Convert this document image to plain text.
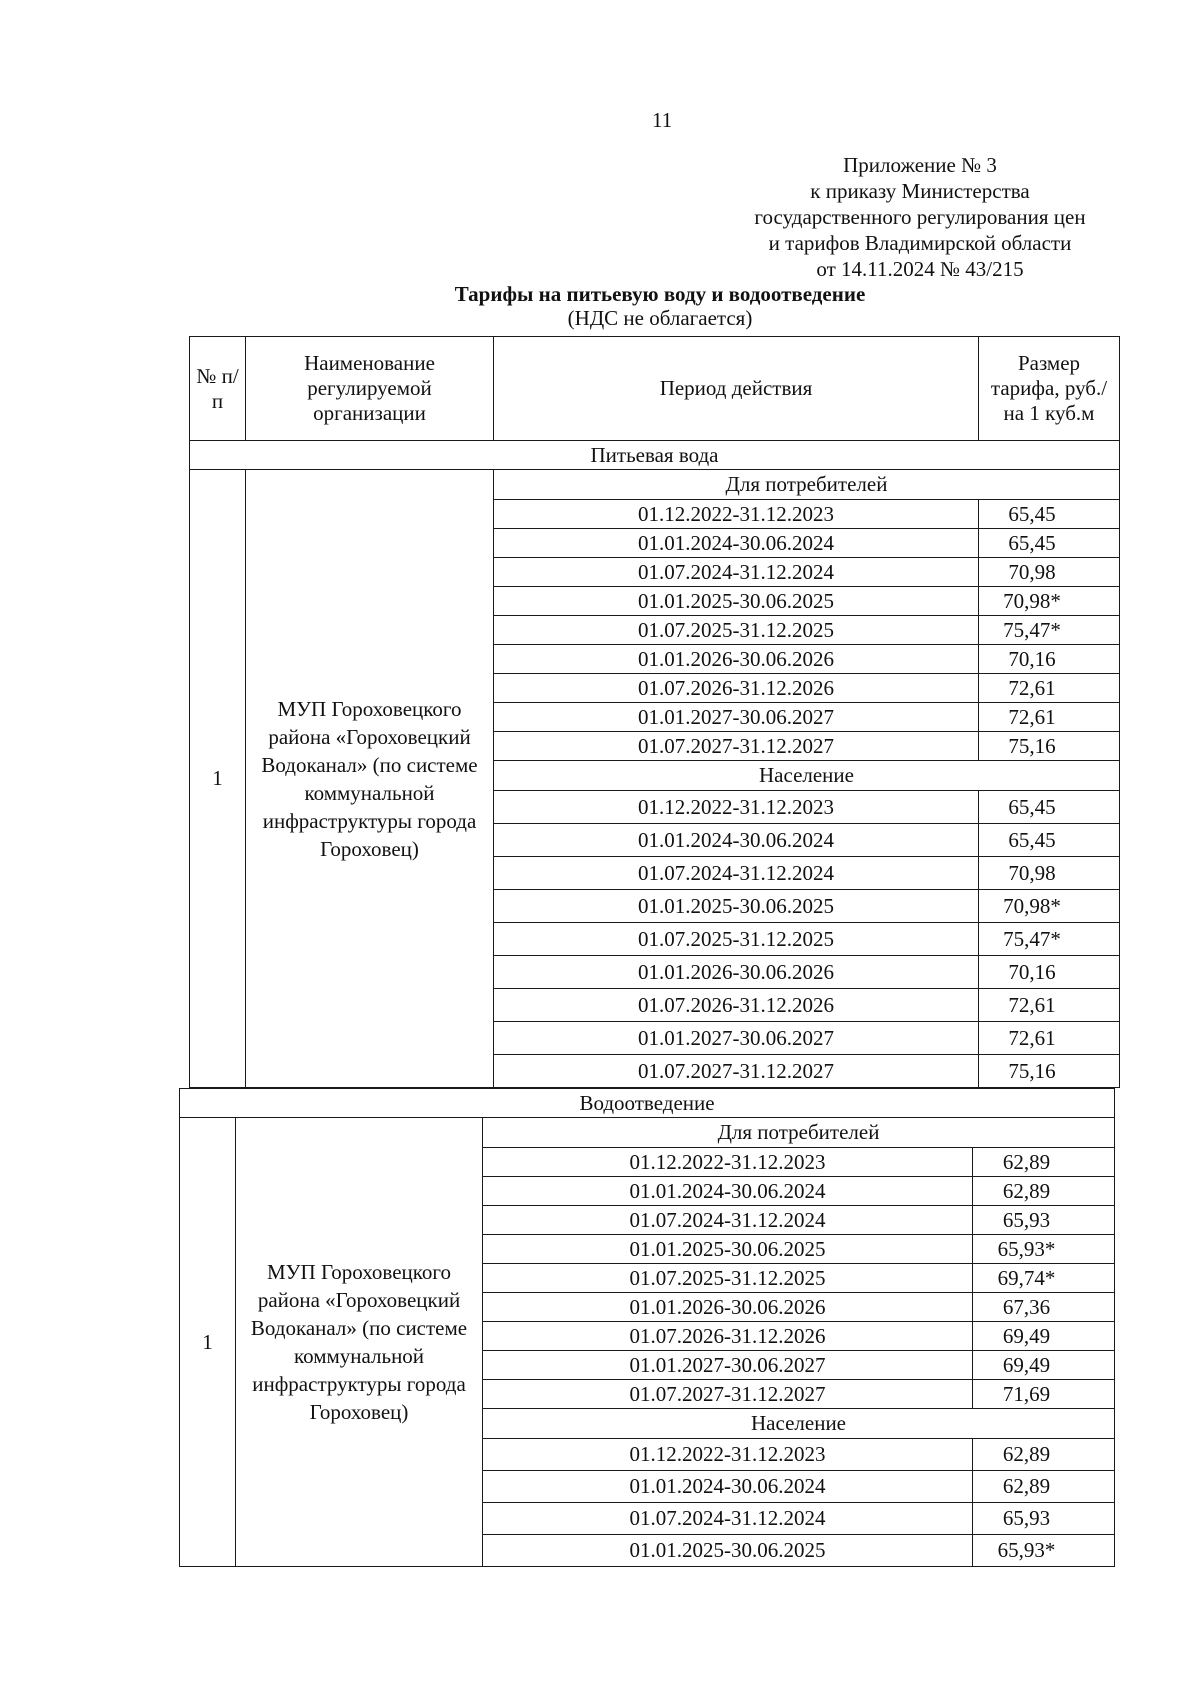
11
Приложение № 3
к приказу Министерства
государственного регулирования цен
и тарифов Владимирской области
от 14.11.2024 № 43/215
Тарифы на питьевую воду и водоотведение
(НДС не облагается)
№ п/п	Наименование регулируемой организации	Период действия	Размер тарифа, руб./на 1 куб.м
Питьевая вода			
1	МУП Гороховецкого района «Гороховецкий Водоканал» (по системе коммунальной инфраструктуры города Гороховец)	Для потребителей	
		01.12.2022-31.12.2023	65,45
		01.01.2024-30.06.2024	65,45
		01.07.2024-31.12.2024	70,98
		01.01.2025-30.06.2025	70,98*
		01.07.2025-31.12.2025	75,47*
		01.01.2026-30.06.2026	70,16
		01.07.2026-31.12.2026	72,61
		01.01.2027-30.06.2027	72,61
		01.07.2027-31.12.2027	75,16
		Население	
		01.12.2022-31.12.2023	65,45
		01.01.2024-30.06.2024	65,45
		01.07.2024-31.12.2024	70,98
		01.01.2025-30.06.2025	70,98*
		01.07.2025-31.12.2025	75,47*
		01.01.2026-30.06.2026	70,16
		01.07.2026-31.12.2026	72,61
		01.01.2027-30.06.2027	72,61
		01.07.2027-31.12.2027	75,16
Водоотведение			
1	МУП Гороховецкого района «Гороховецкий Водоканал» (по системе коммунальной инфраструктуры города Гороховец)	Для потребителей	
		01.12.2022-31.12.2023	62,89
		01.01.2024-30.06.2024	62,89
		01.07.2024-31.12.2024	65,93
		01.01.2025-30.06.2025	65,93*
		01.07.2025-31.12.2025	69,74*
		01.01.2026-30.06.2026	67,36
		01.07.2026-31.12.2026	69,49
		01.01.2027-30.06.2027	69,49
		01.07.2027-31.12.2027	71,69
		Население	
		01.12.2022-31.12.2023	62,89
		01.01.2024-30.06.2024	62,89
		01.07.2024-31.12.2024	65,93
		01.01.2025-30.06.2025	65,93*
